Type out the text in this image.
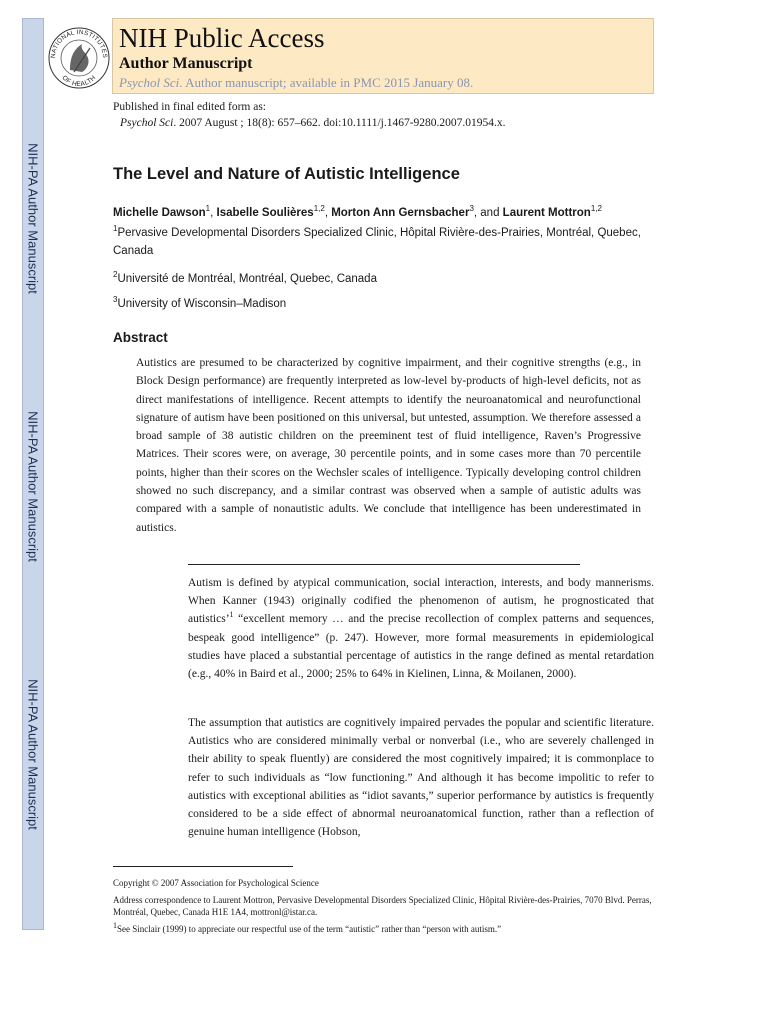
NIH-PA Author Manuscript
NIH-PA Author Manuscript
NIH-PA Author Manuscript
NATIONAL INSTITUTES
OF HEALTH
NIH Public Access
Author Manuscript
Psychol Sci. Author manuscript; available in PMC 2015 January 08.
Published in final edited form as:
Psychol Sci. 2007 August ; 18(8): 657–662. doi:10.1111/j.1467-9280.2007.01954.x.
The Level and Nature of Autistic Intelligence
Michelle Dawson$^1$, Isabelle Soulières$^{1,2}$, Morton Ann Gernsbacher$^3$, and Laurent Mottron$^{1,2}$
$^1$Pervasive Developmental Disorders Specialized Clinic, Hôpital Rivière-des-Prairies, Montréal, Quebec, Canada
$^2$Université de Montréal, Montréal, Quebec, Canada
$^3$University of Wisconsin–Madison
Abstract
Autistics are presumed to be characterized by cognitive impairment, and their cognitive strengths (e.g., in Block Design performance) are frequently interpreted as low-level by-products of high-level deficits, not as direct manifestations of intelligence. Recent attempts to identify the neuroanatomical and neurofunctional signature of autism have been positioned on this universal, but untested, assumption. We therefore assessed a broad sample of 38 autistic children on the preeminent test of fluid intelligence, Raven’s Progressive Matrices. Their scores were, on average, 30 percentile points, and in some cases more than 70 percentile points, higher than their scores on the Wechsler scales of intelligence. Typically developing control children showed no such discrepancy, and a similar contrast was observed when a sample of autistic adults was compared with a sample of nonautistic adults. We conclude that intelligence has been underestimated in autistics.
Autism is defined by atypical communication, social interaction, interests, and body mannerisms. When Kanner (1943) originally codified the phenomenon of autism, he prognosticated that autistics’$^1$ “excellent memory … and the precise recollection of complex patterns and sequences, bespeak good intelligence” (p. 247). However, more formal measurements in epidemiological studies have placed a substantial percentage of autistics in the range defined as mental retardation (e.g., 40% in Baird et al., 2000; 25% to 64% in Kielinen, Linna, & Moilanen, 2000).
The assumption that autistics are cognitively impaired pervades the popular and scientific literature. Autistics who are considered minimally verbal or nonverbal (i.e., who are severely challenged in their ability to speak fluently) are considered the most cognitively impaired; it is commonplace to refer to such individuals as “low functioning.” And although it has become impolitic to refer to autistics with exceptional abilities as “idiot savants,” superior performance by autistics is frequently considered to be a side effect of abnormal neuroanatomical function, rather than a reflection of genuine human intelligence (Hobson,

Copyright © 2007 Association for Psychological Science

Address correspondence to Laurent Mottron, Pervasive Developmental Disorders Specialized Clinic, Hôpital Rivière-des-Prairies, 7070 Blvd. Perras, Montréal, Quebec, Canada H1E 1A4, mottronl@istar.ca.

$^1$See Sinclair (1999) to appreciate our respectful use of the term “autistic” rather than “person with autism.”
